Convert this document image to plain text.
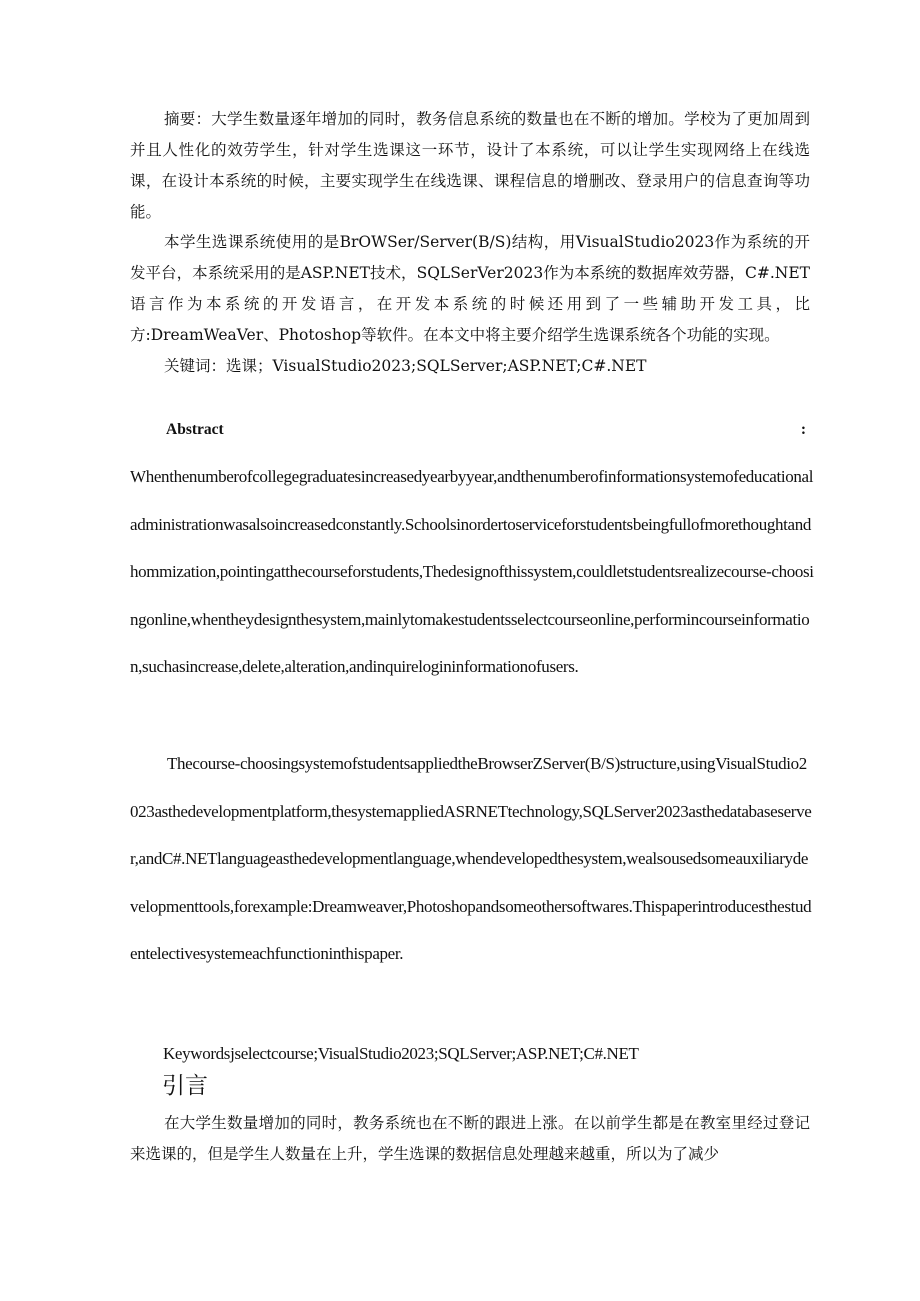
摘要：大学生数量逐年增加的同时，教务信息系统的数量也在不断的增加。学校为了更加周到并且人性化的效劳学生，针对学生选课这一环节，设计了本系统，可以让学生实现网络上在线选课，在设计本系统的时候，主要实现学生在线选课、课程信息的增删改、登录用户的信息查询等功能。

本学生选课系统使用的是BrOWSer/Server(B/S)结构，用VisualStudio2023作为系统的开发平台，本系统采用的是ASP.NET技术，SQLSerVer2023作为本系统的数据库效劳器，C#.NET语言作为本系统的开发语言，在开发本系统的时候还用到了一些辅助开发工具，比方:DreamWeaVer、Photoshop等软件。在本文中将主要介绍学生选课系统各个功能的实现。

关键词：选课；VisualStudio2023;SQLServer;ASP.NET;C#.NET

Abstract	:

Whenthenumberofcollegegraduatesincreasedyearbyyear,andthenumberofinformationsystemofeducationaladministrationwasalsoincreasedconstantly.Schoolsinordertoserviceforstudentsbeingfullofmorethoughtandhommization,pointingatthecourseforstudents,Thedesignofthissystem,couldletstudentsrealizecourse-choosingonline,whentheydesignthesystem,mainlytomakestudentsselectcourseonline,performincourseinformation,suchasincrease,delete,alteration,andinquirelogininformationofusers.

Thecourse-choosingsystemofstudentsappliedtheBrowserZServer(B/S)structure,usingVisualStudio2023asthedevelopmentplatform,thesystemappliedASRNETtechnology,SQLServer2023asthedatabaseserver,andC#.NETlanguageasthedevelopmentlanguage,whendevelopedthesystem,wealsousedsomeauxiliarydevelopmenttools,forexample:Dreamweaver,Photoshopandsomeothersoftwares.Thispaperintroducesthestudentelectivesystemeachfunctioninthispaper.

Keywordsjselectcourse;VisualStudio2023;SQLServer;ASP.NET;C#.NET

引言

在大学生数量增加的同时，教务系统也在不断的跟进上涨。在以前学生都是在教室里经过登记来选课的，但是学生人数量在上升，学生选课的数据信息处理越来越重，所以为了减少
